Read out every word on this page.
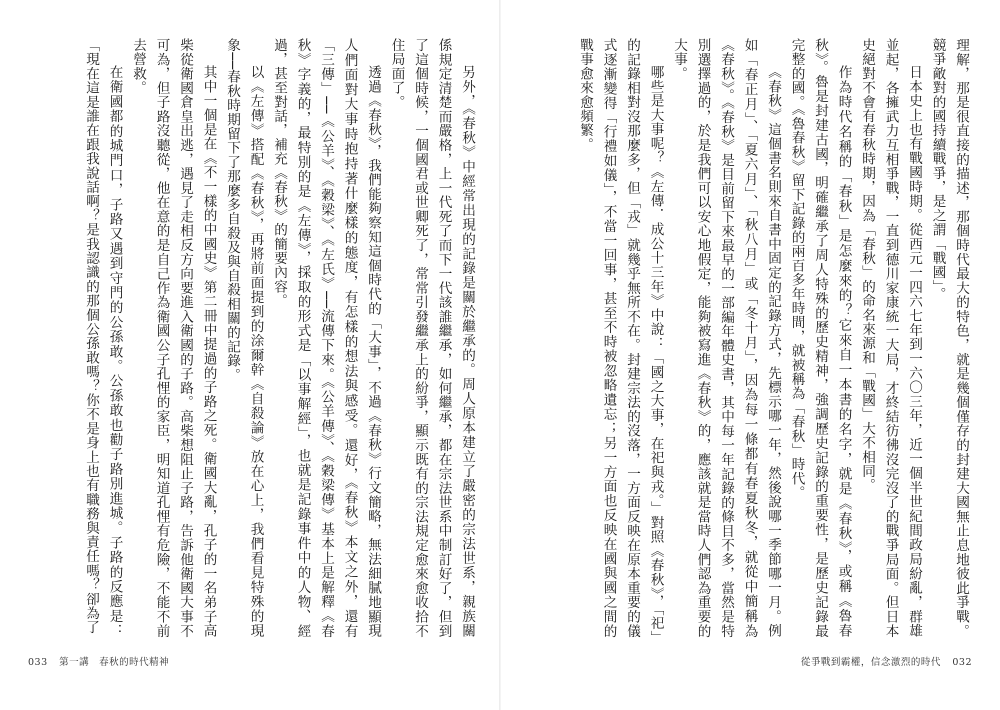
另外，《春秋》中經常出現的記錄是關於繼承的。周人原本建立了嚴密的宗法世系，親族關係規定清楚而嚴格，上一代死了而下一代該誰繼承，如何繼承，都在宗法世系中制訂好了，但到了這個時候，一個國君或世卿死了，常常引發繼承上的紛爭，顯示既有的宗法規定愈來愈收拾不住局面了。

透過《春秋》，我們能夠察知這個時代的「大事」，不過《春秋》行文簡略，無法細膩地顯現人們面對大事時抱持著什麼樣的態度，有怎樣的想法與感受。還好，《春秋》本文之外，還有「三傳」──《公羊》、《穀梁》、《左氏》──流傳下來。《公羊傳》、《穀梁傳》基本上是解釋《春秋》字義的，最特別的是《左傳》，採取的形式是「以事解經」，也就是記錄事件中的人物、經過，甚至對話，補充《春秋》的簡要內容。

以《左傳》搭配《春秋》，再將前面提到的涂爾幹《自殺論》放在心上，我們看見特殊的現象──春秋時期留下了那麼多自殺及與自殺相關的記錄。

其中一個是在《不一樣的中國史》第二冊中提過的子路之死。衛國大亂，孔子的一名弟子高柴從衛國倉皇出逃，遇見了走相反方向要進入衛國的子路。高柴想阻止子路，告訴他衛國大事不可為，但子路沒聽從，他在意的是自己作為衛國公子孔悝的家臣，明知道孔悝有危險，不能不前去營救。

在衛國都的城門口，子路又遇到守門的公孫敢。公孫敢也勸子路別進城。子路的反應是：「現在這是誰在跟我說話啊？是我認識的那個公孫敢嗎？你不是身上也有職務與責任嗎？卻為了	理解，那是很直接的描述，那個時代最大的特色，就是幾個僅存的封建大國無止息地彼此爭戰。競爭敵對的國持續戰爭，是之謂「戰國」。

日本史上也有戰國時期。從西元一四六七年到一六〇三年，近一個半世紀間政局紛亂，群雄並起，各擁武力互相爭戰，一直到德川家康統一大局，才終結彷彿沒完沒了的戰爭局面。但日本史絕對不會有春秋時期，因為「春秋」的命名來源和「戰國」大不相同。

作為時代名稱的「春秋」是怎麼來的？它來自一本書的名字，就是《春秋》，或稱《魯春秋》。魯是封建古國，明確繼承了周人特殊的歷史精神，強調歷史記錄的重要性，是歷史記錄最完整的國。《魯春秋》留下記錄的兩百多年時間，就被稱為「春秋」時代。

《春秋》這個書名則來自書中固定的記錄方式，先標示哪一年，然後說哪一季節哪一月。例如「春正月」、「夏六月」、「秋八月」或「冬十月」，因為每一條都有春夏秋冬，就從中簡稱為《春秋》。《春秋》是目前留下來最早的一部編年體史書，其中每一年記錄的條目不多，當然是特別選擇過的，於是我們可以安心地假定，能夠被寫進《春秋》的，應該就是當時人們認為重要的大事。

哪些是大事呢？《左傳．成公十三年》中說：「國之大事，在祀與戎。」對照《春秋》，「祀」的記錄相對沒那麼多，但「戎」就幾乎無所不在。封建宗法的沒落，一方面反映在原本重要的儀式逐漸變得「行禮如儀」，不當一回事，甚至不時被忽略遺忘；另一方面也反映在國與國之間的戰事愈來愈頻繁。

033 第一講　春秋的時代精神	從爭戰到霸權，信念激烈的時代 032
